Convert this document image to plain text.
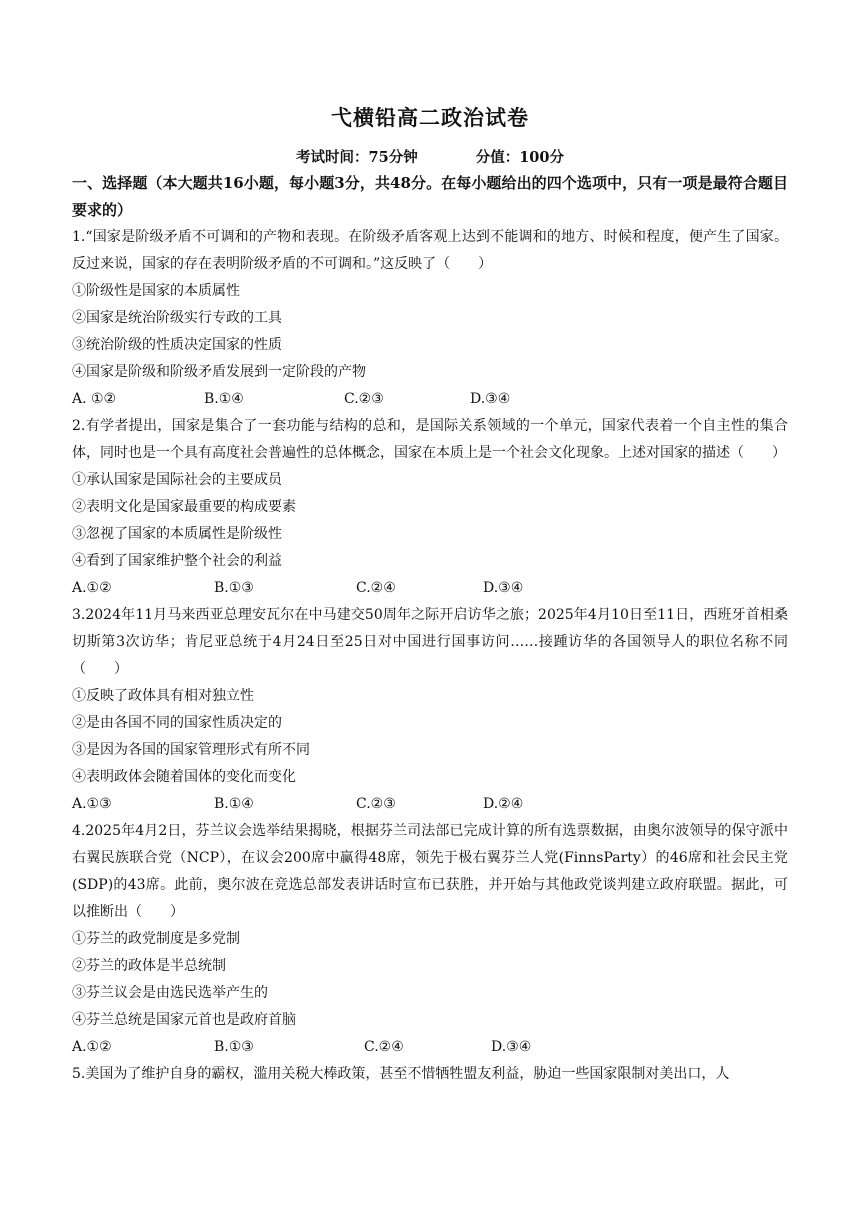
弋横铅高二政治试卷
考试时间：75分钟	分值：100分
一、选择题（本大题共16小题，每小题3分，共48分。在每小题给出的四个选项中，只有一项是最符合题目要求的）
1.“国家是阶级矛盾不可调和的产物和表现。在阶级矛盾客观上达到不能调和的地方、时候和程度，便产生了国家。反过来说，国家的存在表明阶级矛盾的不可调和。”这反映了（　　）
①阶级性是国家的本质属性
②国家是统治阶级实行专政的工具
③统治阶级的性质决定国家的性质
④国家是阶级和阶级矛盾发展到一定阶段的产物
A. ①②	B.①④	C.②③	D.③④
2.有学者提出，国家是集合了一套功能与结构的总和，是国际关系领域的一个单元，国家代表着一个自主性的集合体，同时也是一个具有高度社会普遍性的总体概念，国家在本质上是一个社会文化现象。上述对国家的描述（　　）
①承认国家是国际社会的主要成员
②表明文化是国家最重要的构成要素
③忽视了国家的本质属性是阶级性
④看到了国家维护整个社会的利益
A.①②	B.①③	C.②④	D.③④
3.2024年11月马来西亚总理安瓦尔在中马建交50周年之际开启访华之旅；2025年4月10日至11日，西班牙首相桑切斯第3次访华；肯尼亚总统于4月24日至25日对中国进行国事访问……接踵访华的各国领导人的职位名称不同（　　）
①反映了政体具有相对独立性
②是由各国不同的国家性质决定的
③是因为各国的国家管理形式有所不同
④表明政体会随着国体的变化而变化
A.①③	B.①④	C.②③	D.②④
4.2025年4月2日，芬兰议会选举结果揭晓，根据芬兰司法部已完成计算的所有选票数据，由奥尔波领导的保守派中右翼民族联合党（NCP），在议会200席中赢得48席，领先于极右翼芬兰人党(FinnsParty）的46席和社会民主党(SDP)的43席。此前，奥尔波在竞选总部发表讲话时宣布已获胜，并开始与其他政党谈判建立政府联盟。据此，可以推断出（　　）
①芬兰的政党制度是多党制
②芬兰的政体是半总统制
③芬兰议会是由选民选举产生的
④芬兰总统是国家元首也是政府首脑
A.①②	B.①③	C.②④	D.③④
5.美国为了维护自身的霸权，滥用关税大棒政策，甚至不惜牺牲盟友利益，胁迫一些国家限制对美出口，人
